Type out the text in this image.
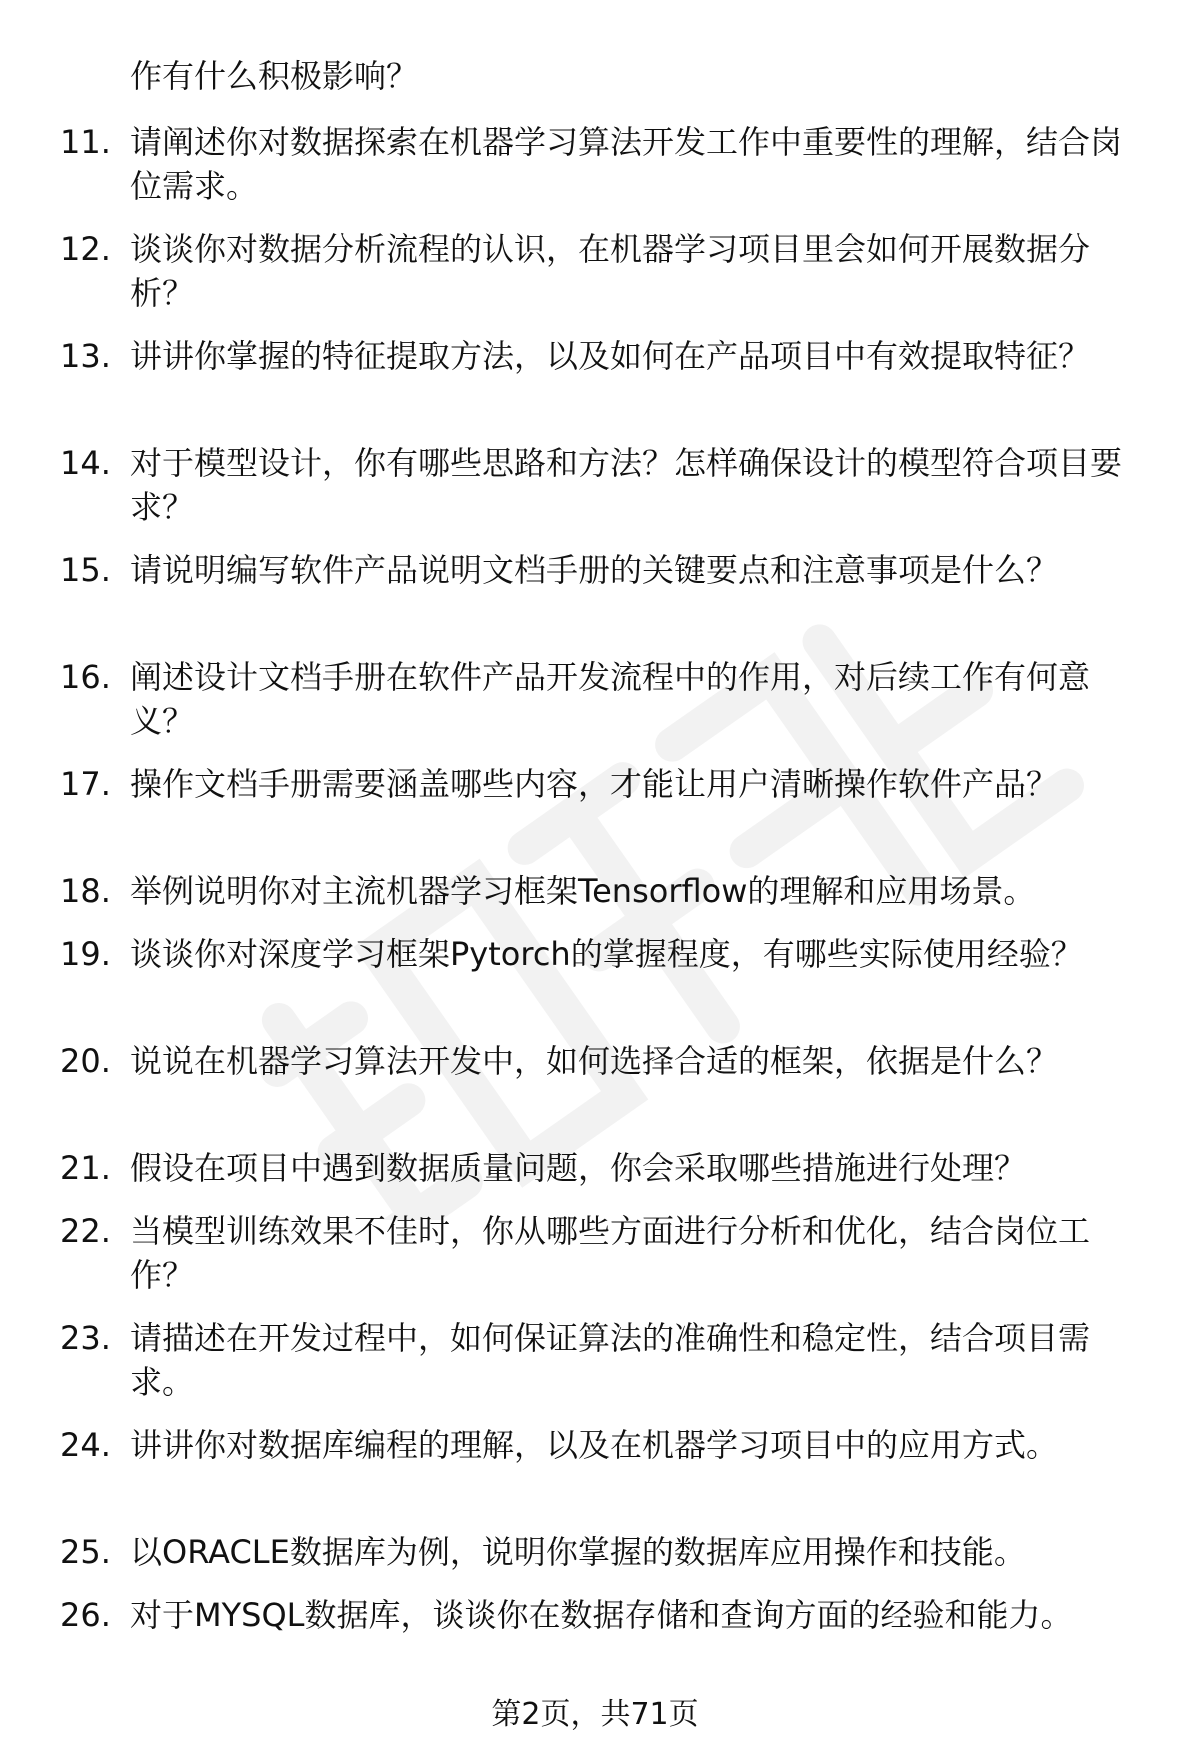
作有什么积极影响？
11. 请阐述你对数据探索在机器学习算法开发工作中重要性的理解，结合岗位需求。
12. 谈谈你对数据分析流程的认识，在机器学习项目里会如何开展数据分析？
13. 讲讲你掌握的特征提取方法，以及如何在产品项目中有效提取特征？
14. 对于模型设计，你有哪些思路和方法？怎样确保设计的模型符合项目要求？
15. 请说明编写软件产品说明文档手册的关键要点和注意事项是什么？
16. 阐述设计文档手册在软件产品开发流程中的作用，对后续工作有何意义？
17. 操作文档手册需要涵盖哪些内容，才能让用户清晰操作软件产品？
18. 举例说明你对主流机器学习框架Tensorflow的理解和应用场景。
19. 谈谈你对深度学习框架Pytorch的掌握程度，有哪些实际使用经验？
20. 说说在机器学习算法开发中，如何选择合适的框架，依据是什么？
21. 假设在项目中遇到数据质量问题，你会采取哪些措施进行处理？
22. 当模型训练效果不佳时，你从哪些方面进行分析和优化，结合岗位工作？
23. 请描述在开发过程中，如何保证算法的准确性和稳定性，结合项目需求。
24. 讲讲你对数据库编程的理解，以及在机器学习项目中的应用方式。
25. 以ORACLE数据库为例，说明你掌握的数据库应用操作和技能。
26. 对于MYSQL数据库，谈谈你在数据存储和查询方面的经验和能力。
第2页，共71页
